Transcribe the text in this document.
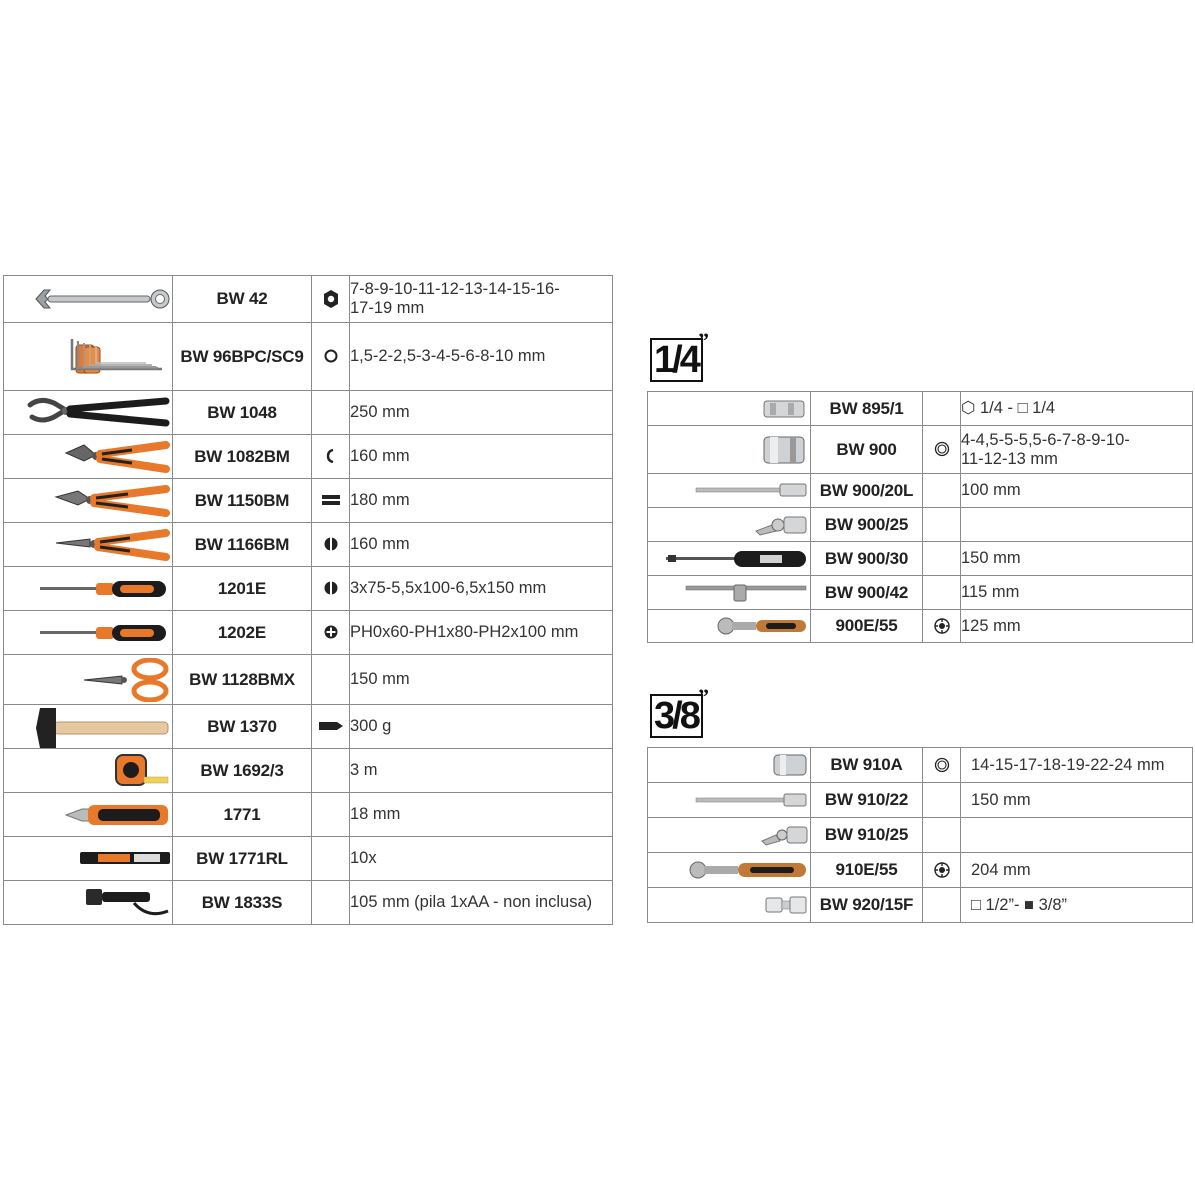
	BW 42		7-8-9-10-11-12-13-14-15-16-
17-19 mm
	BW 96BPC/SC9		1,5-2-2,5-3-4-5-6-8-10 mm
	BW 1048		250 mm
	BW 1082BM		160 mm
	BW 1150BM		180 mm
	BW 1166BM		160 mm
	1201E		3x75-5,5x100-6,5x150 mm
	1202E		PH0x60-PH1x80-PH2x100 mm
	BW 1128BMX		150 mm
	BW 1370		300 g
	BW 1692/3		3 m
	1771		18 mm
	BW 1771RL		10x
	BW 1833S		105 mm (pila 1xAA - non inclusa)
1/4 ”
	BW 895/1		⬡ 1/4 - □ 1/4
	BW 900		4-4,5-5-5,5-6-7-8-9-10-
11-12-13 mm
	BW 900/20L		100 mm
	BW 900/25		
	BW 900/30		150 mm
	BW 900/42		115 mm
	900E/55		125 mm
3/8 ”
	BW 910A		14-15-17-18-19-22-24 mm
	BW 910/22		150 mm
	BW 910/25		
	910E/55		204 mm
	BW 920/15F		□ 1/2”- ■ 3/8”
